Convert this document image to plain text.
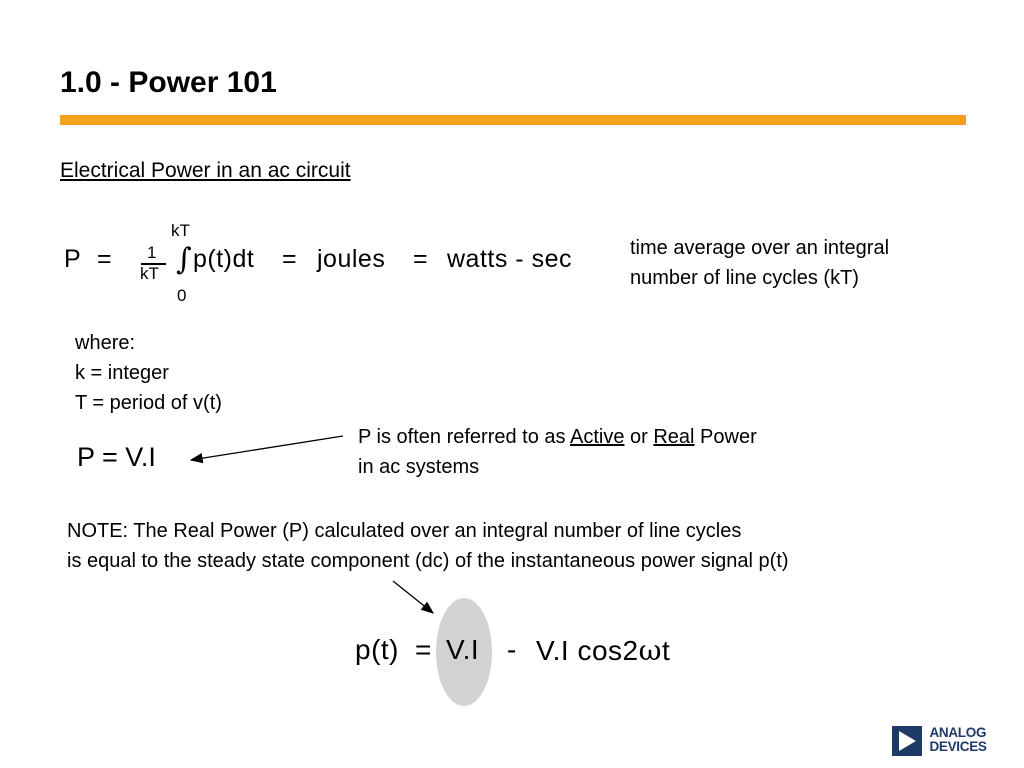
1.0 - Power 101
Electrical Power in an ac circuit
P = 1
kT
kT
∫
0
p(t)dt = joules = watts - sec	time average over an integral
number of line cycles (kT)
where:
k = integer
T = period of v(t)
P = V.I
P is often referred to as Active or Real Power
in ac systems
NOTE: The Real Power (P) calculated over an integral number of line cycles
is equal to the steady state component (dc) of the instantaneous power signal p(t)
p(t) = V.I - V.I cos2ωt

ANALOG
DEVICES
